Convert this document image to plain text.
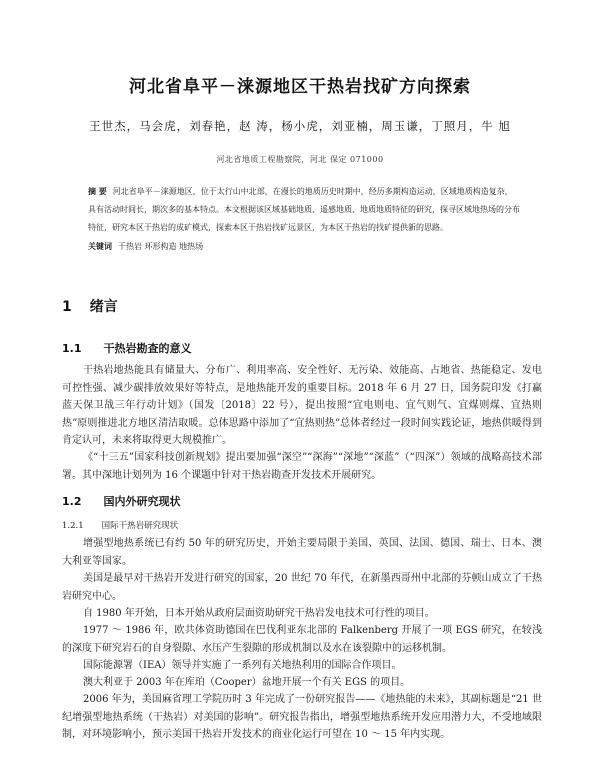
河北省阜平－涞源地区干热岩找矿方向探索
王世杰，马会虎，刘春艳，赵 涛，杨小虎，刘亚楠，周玉谦，丁照月，牛 旭
河北省地质工程勘察院，河北 保定 071000
摘 要 河北省阜平－涞源地区，位于太行山中北部，在漫长的地质历史时期中，经历多期构造运动，区域地质构造复杂，具有活动时间长，期次多的基本特点。本文根据该区域基础地质、遥感地质、地质地质特征的研究，探寻区域地热场的分布特征，研究本区干热岩的成矿模式，探索本区干热岩找矿远景区，为本区干热岩的找矿提供新的思路。
关键词 干热岩 环形构造 地热场
1 绪言
1.1 干热岩勘查的意义
干热岩地热能具有储量大、分布广、利用率高、安全性好、无污染、效能高、占地省、热能稳定、发电可控性强、减少碳排放效果好等特点，是地热能开发的重要目标。2018 年 6 月 27 日，国务院印发《打赢蓝天保卫战三年行动计划》（国发〔2018〕22 号），提出按照“宜电则电、宜气则气、宜煤则煤、宜热则热”原则推进北方地区清洁取暖。总体思路中添加了“宜热则热”总体者经过一段时间实践论证，地热供暖得到肯定认可，未来将取得更大规模推广。
《“十三五”国家科技创新规划》提出要加强“深空”“深海”“深地”“深蓝”（“四深”）领域的战略高技术部署。其中深地计划列为 16 个课题中针对干热岩勘查开发技术开展研究。
1.2 国内外研究现状
1.2.1 国际干热岩研究现状
增强型地热系统已有约 50 年的研究历史，开始主要局限于美国、英国、法国、德国、瑞士、日本、澳大利亚等国家。
美国是最早对干热岩开发进行研究的国家，20 世纪 70 年代，在新墨西哥州中北部的芬顿山成立了干热岩研究中心。
自 1980 年开始，日本开始从政府层面资助研究干热岩发电技术可行性的项目。
1977 ～ 1986 年，欧共体资助德国在巴伐利亚东北部的 Falkenberg 开展了一项 EGS 研究，在较浅的深度下研究岩石的自身裂隙、水压产生裂隙的形成机制以及水在该裂隙中的运移机制。
国际能源署（IEA）领导并实施了一系列有关地热利用的国际合作项目。
澳大利亚于 2003 年在库珀（Cooper）盆地开展一个有关 EGS 的项目。
2006 年为，美国麻省理工学院历时 3 年完成了一份研究报告——《地热能的未来》，其副标题是“21 世纪增强型地热系统（干热岩）对美国的影响”。研究报告指出，增强型地热系统开发应用潜力大，不受地域限制，对环境影响小，预示美国干热岩开发技术的商业化运行可望在 10 ～ 15 年内实现。
